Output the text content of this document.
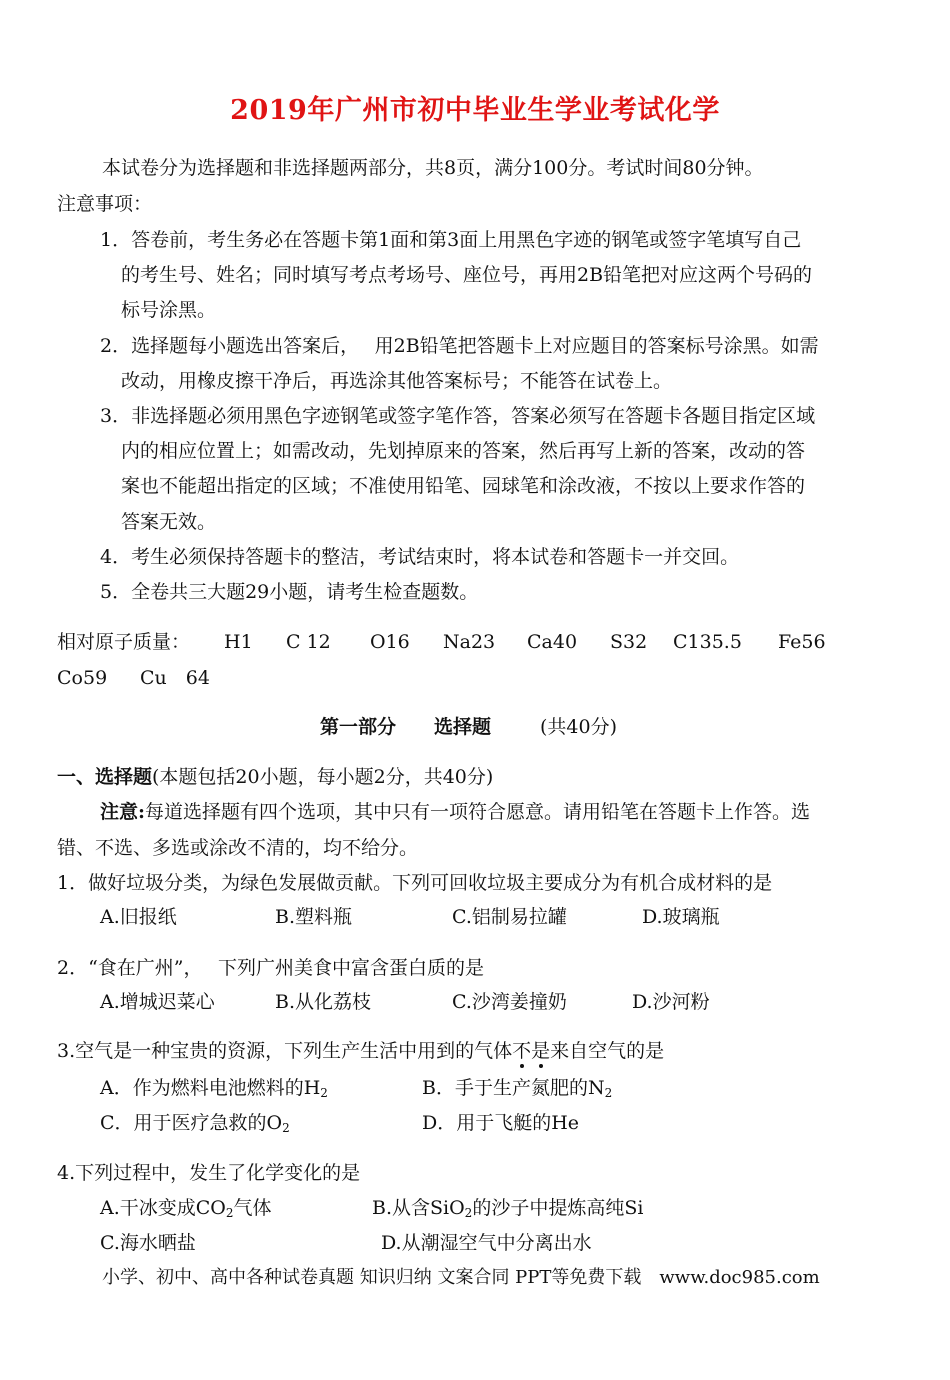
2019年广州市初中毕业生学业考试化学
本试卷分为选择题和非选择题两部分，共8页，满分100分。考试时间80分钟。
注意事项：
1．答卷前，考生务必在答题卡第1面和第3面上用黑色字迹的钢笔或签字笔填写自己
的考生号、姓名；同时填写考点考场号、座位号，再用2B铅笔把对应这两个号码的
标号涂黑。
2．选择题每小题选出答案后，　 用2B铅笔把答题卡上对应题目的答案标号涂黑。如需
改动，用橡皮擦干净后，再选涂其他答案标号；不能答在试卷上。
3．非选择题必须用黑色字迹钢笔或签字笔作答，答案必须写在答题卡各题目指定区域
内的相应位置上；如需改动，先划掉原来的答案，然后再写上新的答案，改动的答
案也不能超出指定的区域；不准使用铅笔、园球笔和涂改液，不按以上要求作答的
答案无效。
4．考生必须保持答题卡的整洁，考试结束时，将本试卷和答题卡一并交回。
5．全卷共三大题29小题，请考生检查题数。
相对原子质量： H1 C 12 O16 Na23 Ca40 S32 C135.5 Fe56
Co59 Cu　64
第一部分 选择题	(共40分)
一、选择题(本题包括20小题，每小题2分，共40分)
注意:每道选择题有四个选项，其中只有一项符合愿意。请用铅笔在答题卡上作答。选
错、不选、多选或涂改不清的，均不给分。
1．做好垃圾分类，为绿色发展做贡献。下列可回收垃圾主要成分为有机合成材料的是
A.旧报纸	B.塑料瓶	C.铝制易拉罐	D.玻璃瓶
2．“食在广州”，　 下列广州美食中富含蛋白质的是
A.增城迟菜心	B.从化荔枝	C.沙湾姜撞奶	D.沙河粉
3.空气是一种宝贵的资源，下列生产生活中用到的气体不是来自空气的是
A．作为燃料电池燃料的$H_2$	B．手于生产氮肥的$N_2$
C．用于医疗急救的$O_2$	D．用于飞艇的He
4.下列过程中，发生了化学变化的是
A.干冰变成$CO_2$气体	B.从含SiO$_2$的沙子中提炼高纯Si
C.海水晒盐	D.从潮湿空气中分离出水
小学、初中、高中各种试卷真题 知识归纳 文案合同 PPT等免费下载　www.doc985.com
